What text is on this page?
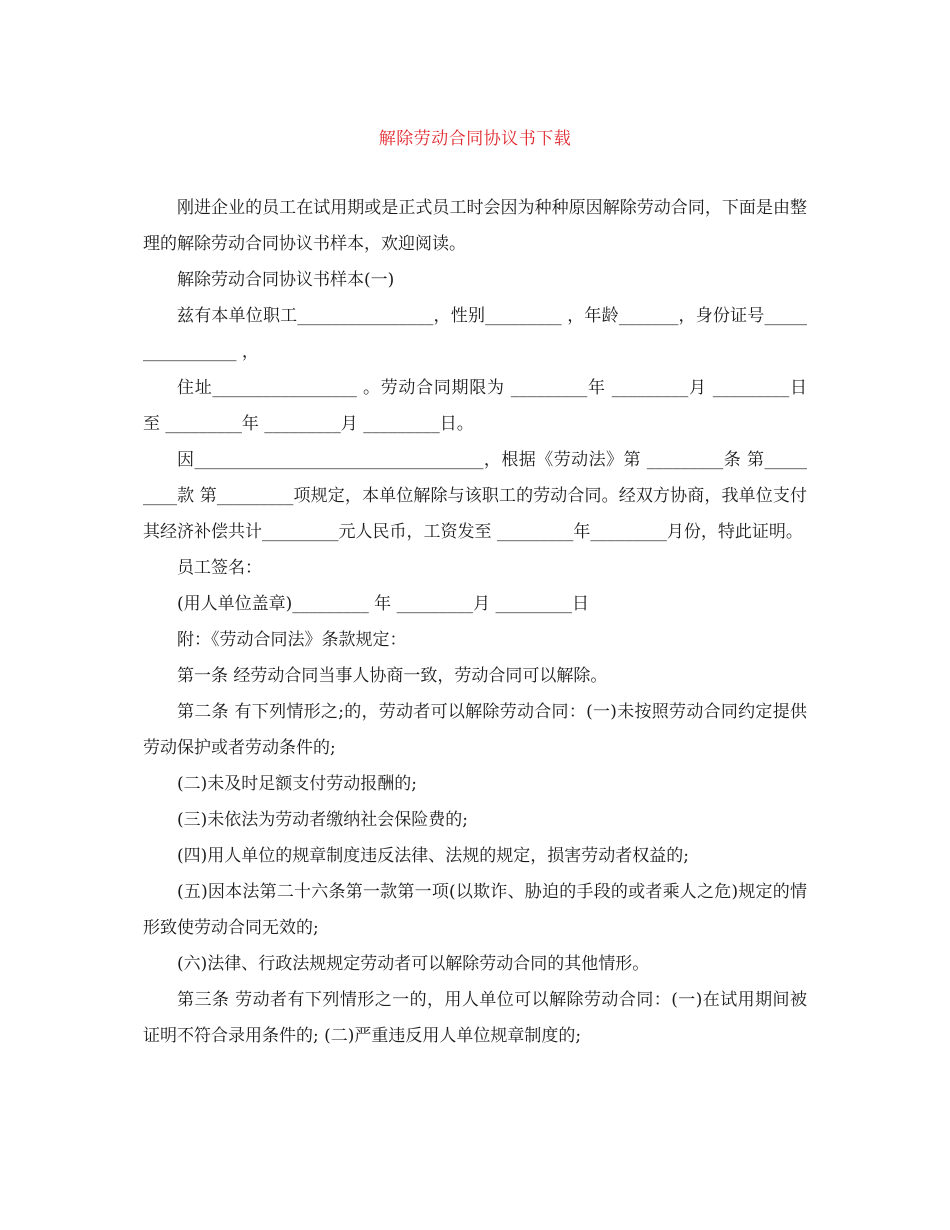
解除劳动合同协议书下载

刚进企业的员工在试用期或是正式员工时会因为种种原因解除劳动合同，下面是由整理的解除劳动合同协议书样本，欢迎阅读。

解除劳动合同协议书样本(一)

兹有本单位职工________________，性别_________ ，年龄_______，身份证号________________ ，

住址_________________ 。劳动合同期限为 _________年 _________月 _________日 至 _________年 _________月 _________日。

因__________________________________，根据《劳动法》第 _________条 第_________款 第_________项规定，本单位解除与该职工的劳动合同。经双方协商，我单位支付其经济补偿共计_________元人民币，工资发至 _________年_________月份，特此证明。

员工签名：

(用人单位盖章)_________ 年 _________月 _________日

附：《劳动合同法》条款规定：

第一条 经劳动合同当事人协商一致，劳动合同可以解除。

第二条 有下列情形之;的，劳动者可以解除劳动合同：(一)未按照劳动合同约定提供劳动保护或者劳动条件的;

(二)未及时足额支付劳动报酬的;

(三)未依法为劳动者缴纳社会保险费的;

(四)用人单位的规章制度违反法律、法规的规定，损害劳动者权益的;

(五)因本法第二十六条第一款第一项(以欺诈、胁迫的手段的或者乘人之危)规定的情形致使劳动合同无效的;

(六)法律、行政法规规定劳动者可以解除劳动合同的其他情形。

第三条 劳动者有下列情形之一的，用人单位可以解除劳动合同：(一)在试用期间被证明不符合录用条件的; (二)严重违反用人单位规章制度的;
